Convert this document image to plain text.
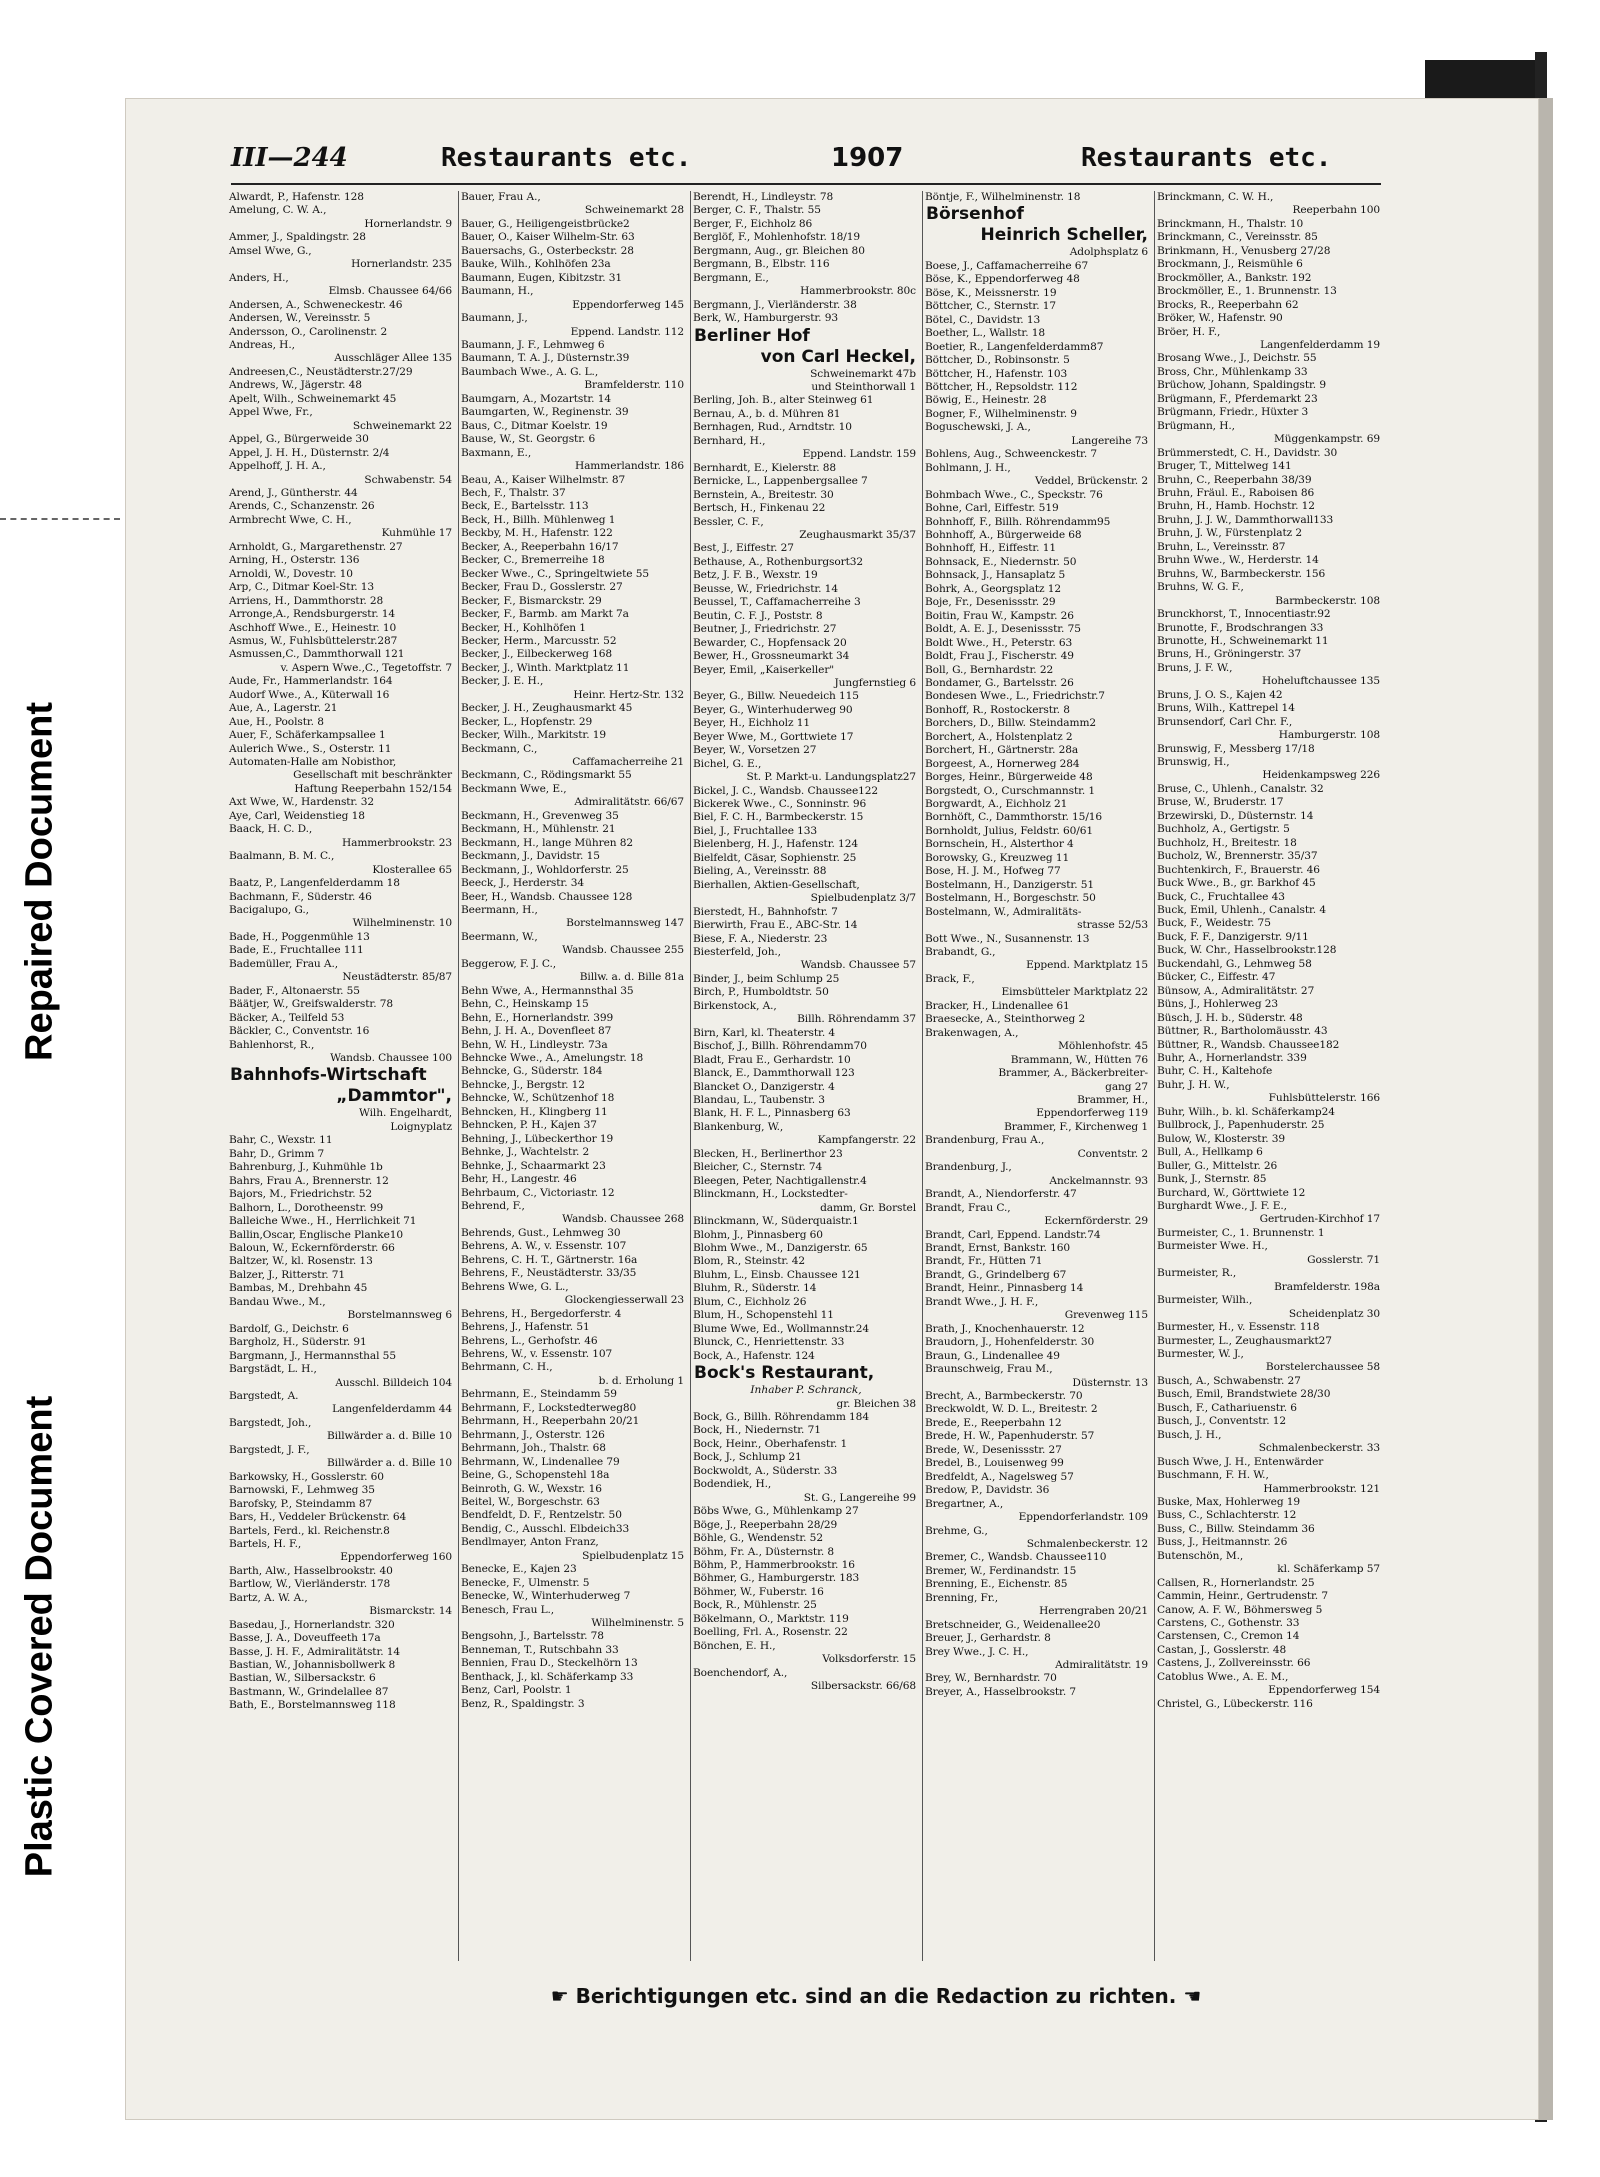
Repaired Document
Plastic Covered Document
III—244	Restaurants etc.	1907	Restaurants etc.
Alwardt, P., Hafenstr. 128
Amelung, C. W. A.,
Hornerlandstr. 9
Ammer, J., Spaldingstr. 28
Amsel Wwe, G.,
Hornerlandstr. 235
Anders, H.,
Elmsb. Chaussee 64/66
Andersen, A., Schweneckestr. 46
Andersen, W., Vereinsstr. 5
Andersson, O., Carolinenstr. 2
Andreas, H.,
Ausschläger Allee 135
Andreesen,C., Neustädterstr.27/29
Andrews, W., Jägerstr. 48
Apelt, Wilh., Schweinemarkt 45
Appel Wwe, Fr.,
Schweinemarkt 22
Appel, G., Bürgerweide 30
Appel, J. H. H., Düsternstr. 2/4
Appelhoff, J. H. A.,
Schwabenstr. 54
Arend, J., Güntherstr. 44
Arends, C., Schanzenstr. 26
Armbrecht Wwe, C. H.,
Kuhmühle 17
Arnholdt, G., Margarethenstr. 27
Arning, H., Osterstr. 136
Arnoldi, W., Dovestr. 10
Arp, C., Ditmar Koel-Str. 13
Arriens, H., Dammthorstr. 28
Arronge,A., Rendsburgerstr. 14
Aschhoff Wwe., E., Heinestr. 10
Asmus, W., Fuhlsbüttelerstr.287
Asmussen,C., Dammthorwall 121
v. Aspern Wwe.,C., Tegetoffstr. 7
Aude, Fr., Hammerlandstr. 164
Audorf Wwe., A., Küterwall 16
Aue, A., Lagerstr. 21
Aue, H., Poolstr. 8
Auer, F., Schäferkampsallee 1
Aulerich Wwe., S., Osterstr. 11
Automaten-Halle am Nobisthor,
Gesellschaft mit beschränkter
Haftung Reeperbahn 152/154
Axt Wwe, W., Hardenstr. 32
Aye, Carl, Weidenstieg 18
Baack, H. C. D.,
Hammerbrookstr. 23
Baalmann, B. M. C.,
Klosterallee 65
Baatz, P., Langenfelderdamm 18
Bachmann, F., Süderstr. 46
Bacigalupo, G.,
Wilhelminenstr. 10
Bade, H., Poggenmühle 13
Bade, E., Fruchtallee 111
Bademüller, Frau A.,
Neustädterstr. 85/87
Bader, F., Altonaerstr. 55
Bäätjer, W., Greifswalderstr. 78
Bäcker, A., Teilfeld 53
Bäckler, C., Conventstr. 16
Bahlenhorst, R.,
Wandsb. Chaussee 100
Bahnhofs-Wirtschaft
„Dammtor",
Wilh. Engelhardt,
Loignyplatz
Bahr, C., Wexstr. 11
Bahr, D., Grimm 7
Bahrenburg, J., Kuhmühle 1b
Bahrs, Frau A., Brennerstr. 12
Bajors, M., Friedrichstr. 52
Balhorn, L., Dorotheenstr. 99
Balleiche Wwe., H., Herrlichkeit 71
Ballin,Oscar, Englische Planke10
Baloun, W., Eckernförderstr. 66
Baltzer, W., kl. Rosenstr. 13
Balzer, J., Ritterstr. 71
Bambas, M., Drehbahn 45
Bandau Wwe., M.,
Borstelmannsweg 6
Bardolf, G., Deichstr. 6
Bargholz, H., Süderstr. 91
Bargmann, J., Hermannsthal 55
Bargstädt, L. H.,
Ausschl. Billdeich 104
Bargstedt, A.
Langenfelderdamm 44
Bargstedt, Joh.,
Billwärder a. d. Bille 10
Bargstedt, J. F.,
Billwärder a. d. Bille 10
Barkowsky, H., Gosslerstr. 60
Barnowski, F., Lehmweg 35
Barofsky, P., Steindamm 87
Bars, H., Veddeler Brückenstr. 64
Bartels, Ferd., kl. Reichenstr.8
Bartels, H. F.,
Eppendorferweg 160
Barth, Alw., Hasselbrookstr. 40
Bartlow, W., Vierländerstr. 178
Bartz, A. W. A.,
Bismarckstr. 14
Basedau, J., Hornerlandstr. 320
Basse, J. A., Doveuffeeth 17a
Basse, J. H. F., Admiralitätstr. 14
Bastian, W., Johannisbollwerk 8
Bastian, W., Silbersackstr. 6
Bastmann, W., Grindelallee 87
Bath, E., Borstelmannsweg 118
Bauer, Frau A.,
Schweinemarkt 28
Bauer, G., Heiligengeistbrücke2
Bauer, O., Kaiser Wilhelm-Str. 63
Bauersachs, G., Osterbeckstr. 28
Bauke, Wilh., Kohlhöfen 23a
Baumann, Eugen, Kibitzstr. 31
Baumann, H.,
Eppendorferweg 145
Baumann, J.,
Eppend. Landstr. 112
Baumann, J. F., Lehmweg 6
Baumann, T. A. J., Düsternstr.39
Baumbach Wwe., A. G. L.,
Bramfelderstr. 110
Baumgarn, A., Mozartstr. 14
Baumgarten, W., Reginenstr. 39
Baus, C., Ditmar Koelstr. 19
Bause, W., St. Georgstr. 6
Baxmann, E.,
Hammerlandstr. 186
Beau, A., Kaiser Wilhelmstr. 87
Bech, F., Thalstr. 37
Beck, E., Bartelsstr. 113
Beck, H., Billh. Mühlenweg 1
Beckby, M. H., Hafenstr. 122
Becker, A., Reeperbahn 16/17
Becker, C., Bremerreihe 18
Becker Wwe., C., Springeltwiete 55
Becker, Frau D., Gosslerstr. 27
Becker, F., Bismarckstr. 29
Becker, F., Barmb. am Markt 7a
Becker, H., Kohlhöfen 1
Becker, Herm., Marcusstr. 52
Becker, J., Eilbeckerweg 168
Becker, J., Winth. Marktplatz 11
Becker, J. E. H.,
Heinr. Hertz-Str. 132
Becker, J. H., Zeughausmarkt 45
Becker, L., Hopfenstr. 29
Becker, Wilh., Markitstr. 19
Beckmann, C.,
Caffamacherreihe 21
Beckmann, C., Rödingsmarkt 55
Beckmann Wwe, E.,
Admiralitätstr. 66/67
Beckmann, H., Grevenweg 35
Beckmann, H., Mühlenstr. 21
Beckmann, H., lange Mühren 82
Beckmann, J., Davidstr. 15
Beckmann, J., Wohldorferstr. 25
Beeck, J., Herderstr. 34
Beer, H., Wandsb. Chaussee 128
Beermann, H.,
Borstelmannsweg 147
Beermann, W.,
Wandsb. Chaussee 255
Beggerow, F. J. C.,
Billw. a. d. Bille 81a
Behn Wwe, A., Hermannsthal 35
Behn, C., Heinskamp 15
Behn, E., Hornerlandstr. 399
Behn, J. H. A., Dovenfleet 87
Behn, W. H., Lindleystr. 73a
Behncke Wwe., A., Amelungstr. 18
Behncke, G., Süderstr. 184
Behncke, J., Bergstr. 12
Behncke, W., Schützenhof 18
Behncken, H., Klingberg 11
Behncken, P. H., Kajen 37
Behning, J., Lübeckerthor 19
Behnke, J., Wachtelstr. 2
Behnke, J., Schaarmarkt 23
Behr, H., Langestr. 46
Behrbaum, C., Victoriastr. 12
Behrend, F.,
Wandsb. Chaussee 268
Behrends, Gust., Lehmweg 30
Behrens, A. W., v. Essenstr. 107
Behrens, C. H. T., Gärtnerstr. 16a
Behrens, F., Neustädterstr. 33/35
Behrens Wwe, G. L.,
Glockengiesserwall 23
Behrens, H., Bergedorferstr. 4
Behrens, J., Hafenstr. 51
Behrens, L., Gerhofstr. 46
Behrens, W., v. Essenstr. 107
Behrmann, C. H.,
b. d. Erholung 1
Behrmann, E., Steindamm 59
Behrmann, F., Lockstedterweg80
Behrmann, H., Reeperbahn 20/21
Behrmann, J., Osterstr. 126
Behrmann, Joh., Thalstr. 68
Behrmann, W., Lindenallee 79
Beine, G., Schopenstehl 18a
Beinroth, G. W., Wexstr. 16
Beitel, W., Borgeschstr. 63
Bendfeldt, D. F., Rentzelstr. 50
Bendig, C., Ausschl. Elbdeich33
Bendlmayer, Anton Franz,
Spielbudenplatz 15
Benecke, E., Kajen 23
Benecke, F., Ulmenstr. 5
Benecke, W., Winterhuderweg 7
Benesch, Frau L.,
Wilhelminenstr. 5
Bengsohn, J., Bartelsstr. 78
Benneman, T., Rutschbahn 33
Bennien, Frau D., Steckelhörn 13
Benthack, J., kl. Schäferkamp 33
Benz, Carl, Poolstr. 1
Benz, R., Spaldingstr. 3
Berendt, H., Lindleystr. 78
Berger, C. F., Thalstr. 55
Berger, F., Eichholz 86
Berglöf, F., Mohlenhofstr. 18/19
Bergmann, Aug., gr. Bleichen 80
Bergmann, B., Elbstr. 116
Bergmann, E.,
Hammerbrookstr. 80c
Bergmann, J., Vierländerstr. 38
Berk, W., Hamburgerstr. 93
Berliner Hof
von Carl Heckel,
Schweinemarkt 47b
und Steinthorwall 1
Berling, Joh. B., alter Steinweg 61
Bernau, A., b. d. Mühren 81
Bernhagen, Rud., Arndtstr. 10
Bernhard, H.,
Eppend. Landstr. 159
Bernhardt, E., Kielerstr. 88
Bernicke, L., Lappenbergsallee 7
Bernstein, A., Breitestr. 30
Bertsch, H., Finkenau 22
Bessler, C. F.,
Zeughausmarkt 35/37
Best, J., Eiffestr. 27
Bethause, A., Rothenburgsort32
Betz, J. F. B., Wexstr. 19
Beusse, W., Friedrichstr. 14
Beussel, T., Caffamacherreihe 3
Beutin, C. F. J., Poststr. 8
Beutner, J., Friedrichstr. 27
Bewarder, C., Hopfensack 20
Bewer, H., Grossneumarkt 34
Beyer, Emil, „Kaiserkeller"
Jungfernstieg 6
Beyer, G., Billw. Neuedeich 115
Beyer, G., Winterhuderweg 90
Beyer, H., Eichholz 11
Beyer Wwe, M., Gorttwiete 17
Beyer, W., Vorsetzen 27
Bichel, G. E.,
St. P. Markt-u. Landungsplatz27
Bickel, J. C., Wandsb. Chaussee122
Bickerek Wwe., C., Sonninstr. 96
Biel, F. C. H., Barmbeckerstr. 15
Biel, J., Fruchtallee 133
Bielenberg, H. J., Hafenstr. 124
Bielfeldt, Cäsar, Sophienstr. 25
Bieling, A., Vereinsstr. 88
Bierhallen, Aktien-Gesellschaft,
Spielbudenplatz 3/7
Bierstedt, H., Bahnhofstr. 7
Bierwirth, Frau E., ABC-Str. 14
Biese, F. A., Niederstr. 23
Biesterfeld, Joh.,
Wandsb. Chaussee 57
Binder, J., beim Schlump 25
Birch, P., Humboldtstr. 50
Birkenstock, A.,
Billh. Röhrendamm 37
Birn, Karl, kl. Theaterstr. 4
Bischof, J., Billh. Röhrendamm70
Bladt, Frau E., Gerhardstr. 10
Blanck, E., Dammthorwall 123
Blancket O., Danzigerstr. 4
Blandau, L., Taubenstr. 3
Blank, H. F. L., Pinnasberg 63
Blankenburg, W.,
Kampfangerstr. 22
Blecken, H., Berlinerthor 23
Bleicher, C., Sternstr. 74
Bleegen, Peter, Nachtigallenstr.4
Blinckmann, H., Lockstedter-
damm, Gr. Borstel
Blinckmann, W., Süderquaistr.1
Blohm, J., Pinnasberg 60
Blohm Wwe., M., Danzigerstr. 65
Blom, R., Steinstr. 42
Bluhm, L., Einsb. Chaussee 121
Bluhm, R., Süderstr. 14
Blum, C., Eichholz 26
Blum, H., Schopenstehl 11
Blume Wwe, Ed., Wollmannstr.24
Blunck, C., Henriettenstr. 33
Bock, A., Hafenstr. 124
Bock's Restaurant,
Inhaber P. Schranck,
gr. Bleichen 38
Bock, G., Billh. Röhrendamm 184
Bock, H., Niedernstr. 71
Bock, Heinr., Oberhafenstr. 1
Bock, J., Schlump 21
Bockwoldt, A., Süderstr. 33
Bodendiek, H.,
St. G., Langereihe 99
Böbs Wwe, G., Mühlenkamp 27
Böge, J., Reeperbahn 28/29
Böhle, G., Wendenstr. 52
Böhm, Fr. A., Düsternstr. 8
Böhm, P., Hammerbrookstr. 16
Böhmer, G., Hamburgerstr. 183
Böhmer, W., Fuberstr. 16
Bock, R., Mühlenstr. 25
Bökelmann, O., Marktstr. 119
Boelling, Frl. A., Rosenstr. 22
Bönchen, E. H.,
Volksdorferstr. 15
Boenchendorf, A.,
Silbersackstr. 66/68
Böntje, F., Wilhelminenstr. 18
Börsenhof
Heinrich Scheller,
Adolphsplatz 6
Boese, J., Caffamacherreihe 67
Böse, K., Eppendorferweg 48
Böse, K., Meissnerstr. 19
Böttcher, C., Sternstr. 17
Bötel, C., Davidstr. 13
Boether, L., Wallstr. 18
Boetier, R., Langenfelderdamm87
Böttcher, D., Robinsonstr. 5
Böttcher, H., Hafenstr. 103
Böttcher, H., Repsoldstr. 112
Böwig, E., Heinestr. 28
Bogner, F., Wilhelminenstr. 9
Boguschewski, J. A.,
Langereihe 73
Bohlens, Aug., Schweenckestr. 7
Bohlmann, J. H.,
Veddel, Brückenstr. 2
Bohmbach Wwe., C., Speckstr. 76
Bohne, Carl, Eiffestr. 519
Bohnhoff, F., Billh. Röhrendamm95
Bohnhoff, A., Bürgerweide 68
Bohnhoff, H., Eiffestr. 11
Bohnsack, E., Niedernstr. 50
Bohnsack, J., Hansaplatz 5
Bohrk, A., Georgsplatz 12
Boje, Fr., Desenissstr. 29
Boitin, Frau W., Kampstr. 26
Boldt, A. E. J., Desenissstr. 75
Boldt Wwe., H., Peterstr. 63
Boldt, Frau J., Fischerstr. 49
Boll, G., Bernhardstr. 22
Bondamer, G., Bartelsstr. 26
Bondesen Wwe., L., Friedrichstr.7
Bonhoff, R., Rostockerstr. 8
Borchers, D., Billw. Steindamm2
Borchert, A., Holstenplatz 2
Borchert, H., Gärtnerstr. 28a
Borgeest, A., Hornerweg 284
Borges, Heinr., Bürgerweide 48
Borgstedt, O., Curschmannstr. 1
Borgwardt, A., Eichholz 21
Bornhöft, C., Dammthorstr. 15/16
Bornholdt, Julius, Feldstr. 60/61
Bornschein, H., Alsterthor 4
Borowsky, G., Kreuzweg 11
Bose, H. J. M., Hofweg 77
Bostelmann, H., Danzigerstr. 51
Bostelmann, H., Borgeschstr. 50
Bostelmann, W., Admiralitäts-
strasse 52/53
Bott Wwe., N., Susannenstr. 13
Brabandt, G.,
Eppend. Marktplatz 15
Brack, F.,
Eimsbütteler Marktplatz 22
Bracker, H., Lindenallee 61
Braesecke, A., Steinthorweg 2
Brakenwagen, A.,
Möhlenhofstr. 45
Brammann, W., Hütten 76
Brammer, A., Bäckerbreiter-
gang 27
Brammer, H.,
Eppendorferweg 119
Brammer, F., Kirchenweg 1
Brandenburg, Frau A.,
Conventstr. 2
Brandenburg, J.,
Anckelmannstr. 93
Brandt, A., Niendorferstr. 47
Brandt, Frau C.,
Eckernförderstr. 29
Brandt, Carl, Eppend. Landstr.74
Brandt, Ernst, Bankstr. 160
Brandt, Fr., Hütten 71
Brandt, G., Grindelberg 67
Brandt, Heinr., Pinnasberg 14
Brandt Wwe., J. H. F.,
Grevenweg 115
Brath, J., Knochenhauerstr. 12
Braudorn, J., Hohenfelderstr. 30
Braun, G., Lindenallee 49
Braunschweig, Frau M.,
Düsternstr. 13
Brecht, A., Barmbeckerstr. 70
Breckwoldt, W. D. L., Breitestr. 2
Brede, E., Reeperbahn 12
Brede, H. W., Papenhuderstr. 57
Brede, W., Desenissstr. 27
Bredel, B., Louisenweg 99
Bredfeldt, A., Nagelsweg 57
Bredow, P., Davidstr. 36
Bregartner, A.,
Eppendorferlandstr. 109
Brehme, G.,
Schmalenbeckerstr. 12
Bremer, C., Wandsb. Chaussee110
Bremer, W., Ferdinandstr. 15
Brenning, E., Eichenstr. 85
Brenning, Fr.,
Herrengraben 20/21
Bretschneider, G., Weidenallee20
Breuer, J., Gerhardstr. 8
Brey Wwe., J. C. H.,
Admiralitätstr. 19
Brey, W., Bernhardstr. 70
Breyer, A., Hasselbrookstr. 7
Brinckmann, C. W. H.,
Reeperbahn 100
Brinckmann, H., Thalstr. 10
Brinckmann, C., Vereinsstr. 85
Brinkmann, H., Venusberg 27/28
Brockmann, J., Reismühle 6
Brockmöller, A., Bankstr. 192
Brockmöller, E., 1. Brunnenstr. 13
Brocks, R., Reeperbahn 62
Bröker, W., Hafenstr. 90
Bröer, H. F.,
Langenfelderdamm 19
Brosang Wwe., J., Deichstr. 55
Bross, Chr., Mühlenkamp 33
Brüchow, Johann, Spaldingstr. 9
Brügmann, F., Pferdemarkt 23
Brügmann, Friedr., Hüxter 3
Brügmann, H.,
Müggenkampstr. 69
Brümmerstedt, C. H., Davidstr. 30
Bruger, T., Mittelweg 141
Bruhn, C., Reeperbahn 38/39
Bruhn, Fräul. E., Raboisen 86
Bruhn, H., Hamb. Hochstr. 12
Bruhn, J. J. W., Dammthorwall133
Bruhn, J. W., Fürstenplatz 2
Bruhn, L., Vereinsstr. 87
Bruhn Wwe., W., Herderstr. 14
Bruhns, W., Barmbeckerstr. 156
Bruhns, W. G. F.,
Barmbeckerstr. 108
Brunckhorst, T., Innocentiastr.92
Brunotte, F., Brodschrangen 33
Brunotte, H., Schweinemarkt 11
Bruns, H., Gröningerstr. 37
Bruns, J. F. W.,
Hoheluftchaussee 135
Bruns, J. O. S., Kajen 42
Bruns, Wilh., Kattrepel 14
Brunsendorf, Carl Chr. F.,
Hamburgerstr. 108
Brunswig, F., Messberg 17/18
Brunswig, H.,
Heidenkampsweg 226
Bruse, C., Uhlenh., Canalstr. 32
Bruse, W., Bruderstr. 17
Brzewirski, D., Düsternstr. 14
Buchholz, A., Gertigstr. 5
Buchholz, H., Breitestr. 18
Bucholz, W., Brennerstr. 35/37
Buchtenkirch, F., Brauerstr. 46
Buck Wwe., B., gr. Barkhof 45
Buck, C., Fruchtallee 43
Buck, Emil, Uhlenh., Canalstr. 4
Buck, F., Weidestr. 75
Buck, F. F., Danzigerstr. 9/11
Buck, W. Chr., Hasselbrookstr.128
Buckendahl, G., Lehmweg 58
Bücker, C., Eiffestr. 47
Bünsow, A., Admiralitätstr. 27
Büns, J., Hohlerweg 23
Büsch, J. H. b., Süderstr. 48
Büttner, R., Bartholomäusstr. 43
Büttner, R., Wandsb. Chaussee182
Buhr, A., Hornerlandstr. 339
Buhr, C. H., Kaltehofe
Buhr, J. H. W.,
Fuhlsbüttelerstr. 166
Buhr, Wilh., b. kl. Schäferkamp24
Bullbrock, J., Papenhuderstr. 25
Bulow, W., Klosterstr. 39
Bull, A., Hellkamp 6
Buller, G., Mittelstr. 26
Bunk, J., Sternstr. 85
Burchard, W., Görttwiete 12
Burghardt Wwe., J. F. E.,
Gertruden-Kirchhof 17
Burmeister, C., 1. Brunnenstr. 1
Burmeister Wwe. H.,
Gosslerstr. 71
Burmeister, R.,
Bramfelderstr. 198a
Burmeister, Wilh.,
Scheidenplatz 30
Burmester, H., v. Essenstr. 118
Burmester, L., Zeughausmarkt27
Burmester, W. J.,
Borstelerchaussee 58
Busch, A., Schwabenstr. 27
Busch, Emil, Brandstwiete 28/30
Busch, F., Cathariuenstr. 6
Busch, J., Conventstr. 12
Busch, J. H.,
Schmalenbeckerstr. 33
Busch Wwe, J. H., Entenwärder
Buschmann, F. H. W.,
Hammerbrookstr. 121
Buske, Max, Hohlerweg 19
Buss, C., Schlachterstr. 12
Buss, C., Billw. Steindamm 36
Buss, J., Heitmannstr. 26
Butenschön, M.,
kl. Schäferkamp 57
Callsen, R., Hornerlandstr. 25
Cammin, Heinr., Gertrudenstr. 7
Canow, A. F. W., Böhmersweg 5
Carstens, C., Gothenstr. 33
Carstensen, C., Cremon 14
Castan, J., Gosslerstr. 48
Castens, J., Zollvereinsstr. 66
Catoblus Wwe., A. E. M.,
Eppendorferweg 154
Christel, G., Lübeckerstr. 116
☛ Berichtigungen etc. sind an die Redaction zu richten. ☚
